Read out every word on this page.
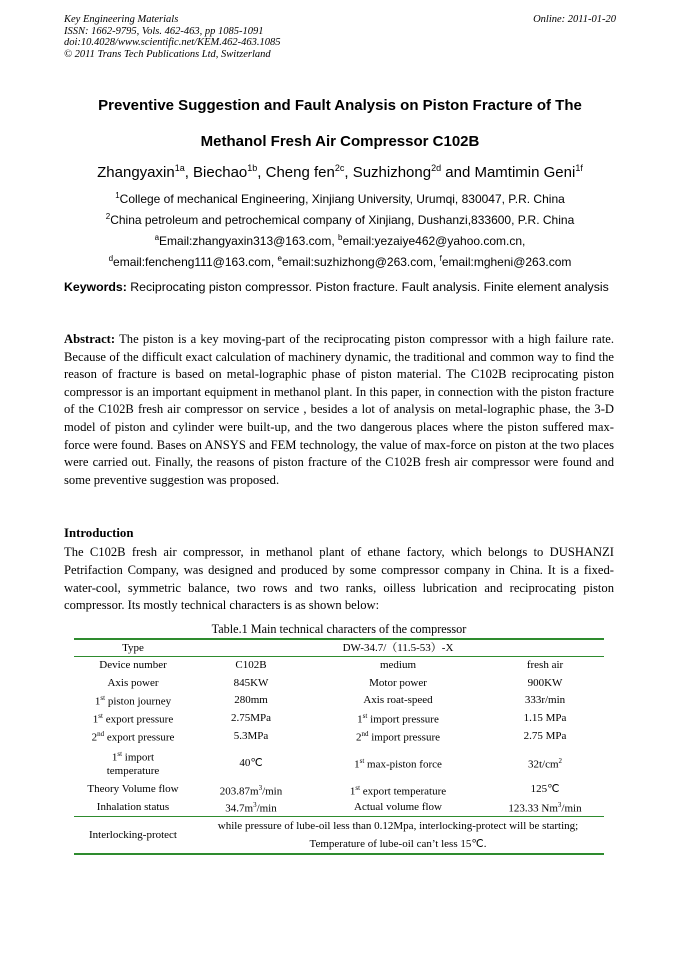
Key Engineering Materials
ISSN: 1662-9795, Vols. 462-463, pp 1085-1091
doi:10.4028/www.scientific.net/KEM.462-463.1085
© 2011 Trans Tech Publications Ltd, Switzerland
Online: 2011-01-20
Preventive Suggestion and Fault Analysis on Piston Fracture of The
Methanol Fresh Air Compressor C102B
Zhangyaxin$^{1a}$, Biechao$^{1b}$, Cheng fen$^{2c}$, Suzhizhong$^{2d}$ and Mamtimin Geni$^{1f}$
$^1$College of mechanical Engineering, Xinjiang University, Urumqi, 830047, P.R. China
$^2$China petroleum and petrochemical company of Xinjiang, Dushanzi,833600, P.R. China
$^a$Email:zhangyaxin313@163.com, $^b$email:yezaiye462@yahoo.com.cn,
$^d$email:fencheng111@163.com, $^e$email:suzhizhong@263.com, $^f$email:mgheni@263.com
Keywords: Reciprocating piston compressor. Piston fracture. Fault analysis. Finite element analysis
Abstract: The piston is a key moving-part of the reciprocating piston compressor with a high failure rate. Because of the difficult exact calculation of machinery dynamic, the traditional and common way to find the reason of fracture is based on metal-lographic phase of piston material. The C102B reciprocating piston compressor is an important equipment in methanol plant. In this paper, in connection with the piston fracture of the C102B fresh air compressor on service , besides a lot of analysis on metal-lographic phase, the 3-D model of piston and cylinder were built-up, and the two dangerous places where the piston suffered max-force were found. Bases on ANSYS and FEM technology, the value of max-force on piston at the two places were carried out. Finally, the reasons of piston fracture of the C102B fresh air compressor were found and some preventive suggestion was proposed.
Introduction
The C102B fresh air compressor, in methanol plant of ethane factory, which belongs to DUSHANZI Petrifaction Company, was designed and produced by some compressor company in China. It is a fixed-water-cool, symmetric balance, two rows and two ranks, oilless lubrication and reciprocating piston compressor. Its mostly technical characters is as shown below:
Table.1 Main technical characters of the compressor
Type	DW-34.7/（11.5-53）-X		
Device number	C102B	medium	fresh air
Axis power	845KW	Motor power	900KW
1st piston journey	280mm	Axis roat-speed	333r/min
1st export pressure	2.75MPa	1st import pressure	1.15 MPa
2nd export pressure	5.3MPa	2nd import pressure	2.75 MPa

1st import
temperature	40℃	1st max-piston force	$32t/cm^2$
Theory Volume flow	$203.87m^3/\min$	1st export temperature	125℃
Inhalation status	$34.7m^3/\min$	Actual volume flow	123.33 Nm$^3$/min
Interlocking-protect	while pressure of lube-oil less than 0.12Mpa, interlocking-protect will be starting;
Temperature of lube-oil can’t less 15℃.		
